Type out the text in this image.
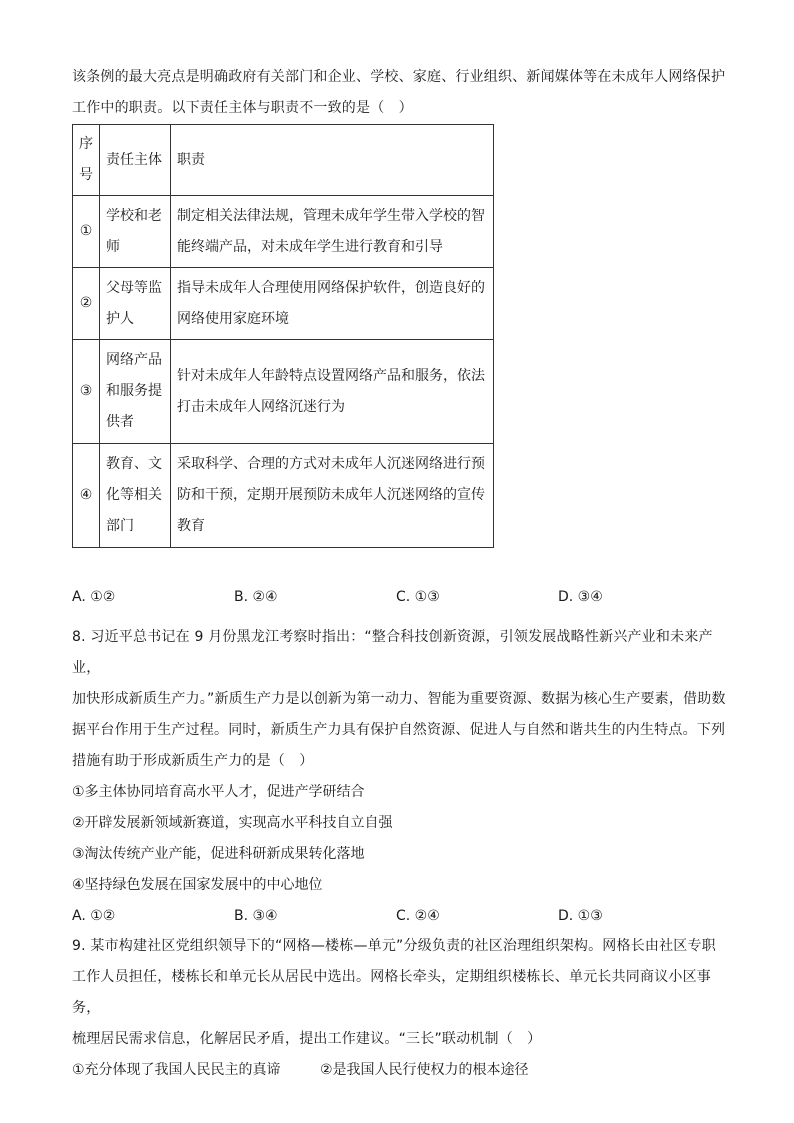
该条例的最大亮点是明确政府有关部门和企业、学校、家庭、行业组织、新闻媒体等在未成年人网络保护
工作中的职责。以下责任主体与职责不一致的是（　）
序号	责任主体	职责
①	学校和老师	制定相关法律法规，管理未成年学生带入学校的智能终端产品，对未成年学生进行教育和引导
②	父母等监护人	指导未成年人合理使用网络保护软件，创造良好的网络使用家庭环境
③	网络产品和服务提供者	针对未成年人年龄特点设置网络产品和服务，依法打击未成年人网络沉迷行为
④	教育、文化等相关部门	采取科学、合理的方式对未成年人沉迷网络进行预防和干预，定期开展预防未成年人沉迷网络的宣传教育
A. ①②	B. ②④	C. ①③	D. ③④
8. 习近平总书记在 9 月份黑龙江考察时指出：“整合科技创新资源，引领发展战略性新兴产业和未来产业，
加快形成新质生产力。”新质生产力是以创新为第一动力、智能为重要资源、数据为核心生产要素，借助数
据平台作用于生产过程。同时，新质生产力具有保护自然资源、促进人与自然和谐共生的内生特点。下列
措施有助于形成新质生产力的是（　）
①多主体协同培育高水平人才，促进产学研结合
②开辟发展新领域新赛道，实现高水平科技自立自强
③淘汰传统产业产能，促进科研新成果转化落地
④坚持绿色发展在国家发展中的中心地位
A. ①②	B. ③④	C. ②④	D. ①③
9. 某市构建社区党组织领导下的“网格—楼栋—单元”分级负责的社区治理组织架构。网格长由社区专职
工作人员担任，楼栋长和单元长从居民中选出。网格长牵头，定期组织楼栋长、单元长共同商议小区事务，
梳理居民需求信息，化解居民矛盾，提出工作建议。“三长”联动机制（　）
①充分体现了我国人民民主的真谛	②是我国人民行使权力的根本途径
